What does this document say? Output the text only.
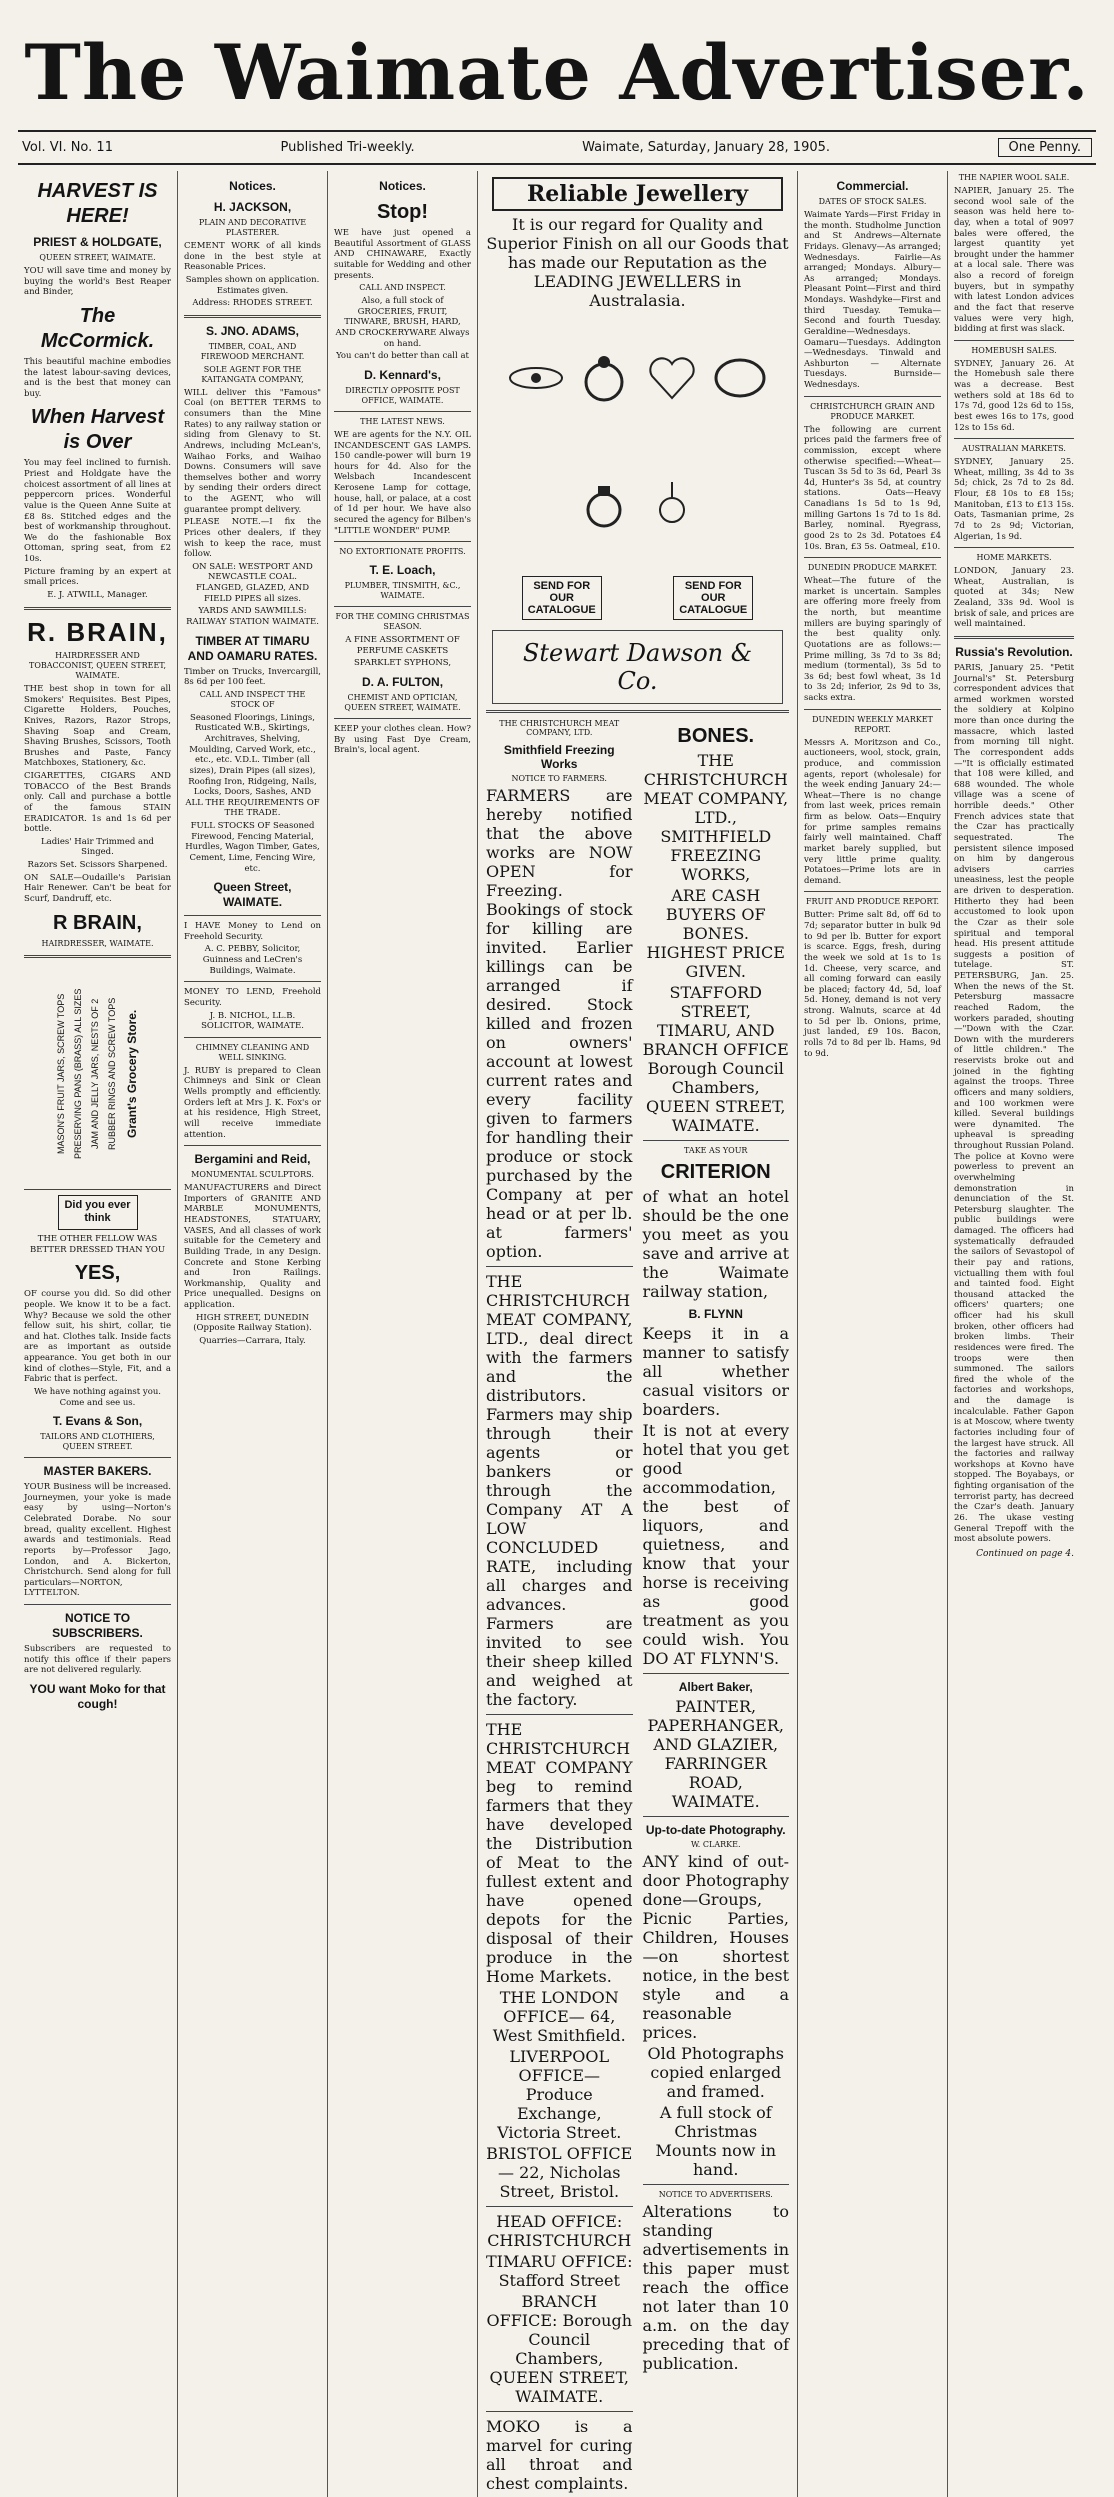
The Waimate Advertiser.
Vol. VI. No. 11	Published Tri-weekly.	Waimate, Saturday, January 28, 1905.	One Penny.
HARVEST IS HERE!
PRIEST & HOLDGATE,
QUEEN STREET, WAIMATE.

YOU will save time and money by buying the world's Best Reaper and Binder,

The McCormick.

This beautiful machine embodies the latest labour-saving devices, and is the best that money can buy.

When Harvest is Over

You may feel inclined to furnish. Priest and Holdgate have the choicest assortment of all lines at peppercorn prices. Wonderful value is the Queen Anne Suite at £8 8s. Stitched edges and the best of workmanship throughout. We do the fashionable Box Ottoman, spring seat, from £2 10s.

Picture framing by an expert at small prices.

E. J. ATWILL, Manager.

R. BRAIN,
HAIRDRESSER AND TOBACCONIST, QUEEN STREET, WAIMATE.

THE best shop in town for all Smokers' Requisites. Best Pipes, Cigarette Holders, Pouches, Knives, Razors, Razor Strops, Shaving Soap and Cream, Shaving Brushes, Scissors, Tooth Brushes and Paste, Fancy Matchboxes, Stationery, &c.

CIGARETTES, CIGARS AND TOBACCO of the Best Brands only. Call and purchase a bottle of the famous STAIN ERADICATOR. 1s and 1s 6d per bottle.

Ladies' Hair Trimmed and Singed.

Razors Set. Scissors Sharpened.

ON SALE—Oudaille's Parisian Hair Renewer. Can't be beat for Scurf, Dandruff, etc.

R BRAIN,
HAIRDRESSER, WAIMATE.
MASON'S FRUIT JARS, SCREW TOPS PRESERVING PANS (BRASS) ALL SIZES JAM AND JELLY JARS, NESTS OF 2 RUBBER RINGS AND SCREW TOPS Grant's Grocery Store.
Did you ever think

THE OTHER FELLOW WAS BETTER DRESSED THAN YOU

YES,

OF course you did. So did other people. We know it to be a fact. Why? Because we sold the other fellow suit, his shirt, collar, tie and hat. Clothes talk. Inside facts are as important as outside appearance. You get both in our kind of clothes—Style, Fit, and a Fabric that is perfect.

We have nothing against you. Come and see us.

T. Evans & Son,
TAILORS AND CLOTHIERS, QUEEN STREET.
MASTER BAKERS.

YOUR Business will be increased. Journeymen, your yoke is made easy by using—Norton's Celebrated Dorabe. No sour bread, quality excellent. Highest awards and testimonials. Read reports by—Professor Jago, London, and A. Bickerton, Christchurch. Send along for full particulars—NORTON, LYTTELTON.

NOTICE TO SUBSCRIBERS.

Subscribers are requested to notify this office if their papers are not delivered regularly.

YOU want Moko for that cough!

Notices.
H. JACKSON,
PLAIN AND DECORATIVE PLASTERER.

CEMENT WORK of all kinds done in the best style at Reasonable Prices.

Samples shown on application. Estimates given.

Address: RHODES STREET.

S. JNO. ADAMS,
TIMBER, COAL, AND FIREWOOD MERCHANT.
SOLE AGENT FOR THE KAITANGATA COMPANY,

WILL deliver this "Famous" Coal (on BETTER TERMS to consumers than the Mine Rates) to any railway station or siding from Glenavy to St. Andrews, including McLean's, Waihao Forks, and Waihao Downs. Consumers will save themselves bother and worry by sending their orders direct to the AGENT, who will guarantee prompt delivery.

PLEASE NOTE.—I fix the Prices other dealers, if they wish to keep the race, must follow.

ON SALE: WESTPORT AND NEWCASTLE COAL. FLANGED, GLAZED, AND FIELD PIPES all sizes.

YARDS AND SAWMILLS: RAILWAY STATION WAIMATE.

TIMBER AT TIMARU AND OAMARU RATES.

Timber on Trucks, Invercargill, 8s 6d per 100 feet.

CALL AND INSPECT THE STOCK OF

Seasoned Floorings, Linings, Rusticated W.B., Skirtings, Architraves, Shelving, Moulding, Carved Work, etc., etc., etc. V.D.L. Timber (all sizes), Drain Pipes (all sizes), Roofing Iron, Ridgeing, Nails, Locks, Doors, Sashes, AND ALL THE REQUIREMENTS OF THE TRADE.

FULL STOCKS OF Seasoned Firewood, Fencing Material, Hurdles, Wagon Timber, Gates, Cement, Lime, Fencing Wire, etc.

Queen Street, WAIMATE.

I HAVE Money to Lend on Freehold Security.

A. C. PEBBY, Solicitor, Guinness and LeCren's Buildings, Waimate.

MONEY TO LEND, Freehold Security.

J. B. NICHOL, LL.B. SOLICITOR, WAIMATE.

CHIMNEY CLEANING AND WELL SINKING.

J. RUBY is prepared to Clean Chimneys and Sink or Clean Wells promptly and efficiently. Orders left at Mrs J. K. Fox's or at his residence, High Street, will receive immediate attention.

Bergamini and Reid,
MONUMENTAL SCULPTORS.

MANUFACTURERS and Direct Importers of GRANITE AND MARBLE MONUMENTS, HEADSTONES, STATUARY, VASES, And all classes of work suitable for the Cemetery and Building Trade, in any Design. Concrete and Stone Kerbing and Iron Railings. Workmanship, Quality and Price unequalled. Designs on application.

HIGH STREET, DUNEDIN (Opposite Railway Station).

Quarries—Carrara, Italy.

Notices.
Stop!

WE have just opened a Beautiful Assortment of GLASS AND CHINAWARE, Exactly suitable for Wedding and other presents.

CALL AND INSPECT.

Also, a full stock of GROCERIES, FRUIT, TINWARE, BRUSH, HARD, AND CROCKERYWARE Always on hand.

You can't do better than call at

D. Kennard's,
DIRECTLY OPPOSITE POST OFFICE, WAIMATE.
THE LATEST NEWS.

WE are agents for the N.Y. OIL INCANDESCENT GAS LAMPS. 150 candle-power will burn 19 hours for 4d. Also for the Welsbach Incandescent Kerosene Lamp for cottage, house, hall, or palace, at a cost of 1d per hour. We have also secured the agency for Bilben's "LITTLE WONDER" PUMP.

NO EXTORTIONATE PROFITS.
T. E. Loach,
PLUMBER, TINSMITH, &C., WAIMATE.
FOR THE COMING CHRISTMAS SEASON.

A FINE ASSORTMENT OF PERFUME CASKETS

SPARKLET SYPHONS,

D. A. FULTON,
CHEMIST AND OPTICIAN, QUEEN STREET, WAIMATE.

KEEP your clothes clean. How? By using Fast Dye Cream, Brain's, local agent.

Reliable Jewellery

It is our regard for Quality and Superior Finish on all our Goods that has made our Reputation as the LEADING JEWELLERS in Australasia.

SEND FOR OUR CATALOGUE
SEND FOR OUR CATALOGUE
Stewart Dawson & Co.
THE CHRISTCHURCH MEAT COMPANY, LTD.
Smithfield Freezing Works
NOTICE TO FARMERS.

FARMERS are hereby notified that the above works are NOW OPEN for Freezing. Bookings of stock for killing are invited. Earlier killings can be arranged if desired. Stock killed and frozen on owners' account at lowest current rates and every facility given to farmers for handling their produce or stock purchased by the Company at per head or at per lb. at farmers' option.

THE CHRISTCHURCH MEAT COMPANY, LTD., deal direct with the farmers and the distributors. Farmers may ship through their agents or bankers or through the Company AT A LOW CONCLUDED RATE, including all charges and advances. Farmers are invited to see their sheep killed and weighed at the factory.

THE CHRISTCHURCH MEAT COMPANY beg to remind farmers that they have developed the Distribution of Meat to the fullest extent and have opened depots for the disposal of their produce in the Home Markets.

THE LONDON OFFICE— 64, West Smithfield.

LIVERPOOL OFFICE— Produce Exchange, Victoria Street.

BRISTOL OFFICE— 22, Nicholas Street, Bristol.

HEAD OFFICE: CHRISTCHURCH

TIMARU OFFICE: Stafford Street

BRANCH OFFICE: Borough Council Chambers, QUEEN STREET, WAIMATE.

MOKO is a marvel for curing all throat and chest complaints.

BONES.

THE CHRISTCHURCH MEAT COMPANY, LTD., SMITHFIELD FREEZING WORKS,

ARE CASH BUYERS OF BONES. HIGHEST PRICE GIVEN.

STAFFORD STREET, TIMARU, AND BRANCH OFFICE Borough Council Chambers, QUEEN STREET, WAIMATE.

TAKE AS YOUR
CRITERION

of what an hotel should be the one you meet as you save and arrive at the Waimate railway station,

B. FLYNN

Keeps it in a manner to satisfy all whether casual visitors or boarders.

It is not at every hotel that you get good accommodation, the best of liquors, and quietness, and know that your horse is receiving as good treatment as you could wish. You DO AT FLYNN'S.

Albert Baker,

PAINTER, PAPERHANGER, AND GLAZIER, FARRINGER ROAD, WAIMATE.

Up-to-date Photography.
W. CLARKE.

ANY kind of out-door Photography done—Groups, Picnic Parties, Children, Houses—on shortest notice, in the best style and a reasonable prices.

Old Photographs copied enlarged and framed.

A full stock of Christmas Mounts now in hand.

NOTICE TO ADVERTISERS.

Alterations to standing advertisements in this paper must reach the office not later than 10 a.m. on the day preceding that of publication.

Commercial.
DATES OF STOCK SALES.

Waimate Yards—First Friday in the month. Studholme Junction and St Andrews—Alternate Fridays. Glenavy—As arranged; Wednesdays. Fairlie—As arranged; Mondays. Albury—As arranged; Mondays. Pleasant Point—First and third Mondays. Washdyke—First and third Tuesday. Temuka—Second and fourth Tuesday. Geraldine—Wednesdays. Oamaru—Tuesdays. Addington—Wednesdays. Tinwald and Ashburton — Alternate Tuesdays. Burnside—Wednesdays.

CHRISTCHURCH GRAIN AND PRODUCE MARKET.

The following are current prices paid the farmers free of commission, except where otherwise specified:—Wheat—Tuscan 3s 5d to 3s 6d, Pearl 3s 4d, Hunter's 3s 5d, at country stations. Oats—Heavy Canadians 1s 5d to 1s 9d, milling Gartons 1s 7d to 1s 8d. Barley, nominal. Ryegrass, good 2s to 2s 3d. Potatoes £4 10s. Bran, £3 5s. Oatmeal, £10.

DUNEDIN PRODUCE MARKET.

Wheat—The future of the market is uncertain. Samples are offering more freely from the north, but meantime millers are buying sparingly of the best quality only. Quotations are as follows:—Prime milling, 3s 7d to 3s 8d; medium (tormental), 3s 5d to 3s 6d; best fowl wheat, 3s 1d to 3s 2d; inferior, 2s 9d to 3s, sacks extra.

DUNEDIN WEEKLY MARKET REPORT.

Messrs A. Moritzson and Co., auctioneers, wool, stock, grain, produce, and commission agents, report (wholesale) for the week ending January 24:—Wheat—There is no change from last week, prices remain firm as below. Oats—Enquiry for prime samples remains fairly well maintained. Chaff market barely supplied, but very little prime quality. Potatoes—Prime lots are in demand.

FRUIT AND PRODUCE REPORT.

Butter: Prime salt 8d, off 6d to 7d; separator butter in bulk 9d to 9d per lb. Butter for export is scarce. Eggs, fresh, during the week we sold at 1s to 1s 1d. Cheese, very scarce, and all coming forward can easily be placed; factory 4d, 5d, loaf 5d. Honey, demand is not very strong. Walnuts, scarce at 4d to 5d per lb. Onions, prime, just landed, £9 10s. Bacon, rolls 7d to 8d per lb. Hams, 9d to 9d.

THE NAPIER WOOL SALE.

NAPIER, January 25. The second wool sale of the season was held here to-day, when a total of 9097 bales were offered, the largest quantity yet brought under the hammer at a local sale. There was also a record of foreign buyers, but in sympathy with latest London advices and the fact that reserve values were very high, bidding at first was slack.

HOMEBUSH SALES.

SYDNEY, January 26. At the Homebush sale there was a decrease. Best wethers sold at 18s 6d to 17s 7d, good 12s 6d to 15s, best ewes 16s to 17s, good 12s to 15s 6d.

AUSTRALIAN MARKETS.

SYDNEY, January 25. Wheat, milling, 3s 4d to 3s 5d; chick, 2s 7d to 2s 8d. Flour, £8 10s to £8 15s; Manitoban, £13 to £13 15s. Oats, Tasmanian prime, 2s 7d to 2s 9d; Victorian, Algerian, 1s 9d.

HOME MARKETS.

LONDON, January 23. Wheat, Australian, is quoted at 34s; New Zealand, 33s 9d. Wool is brisk of sale, and prices are well maintained.

Russia's Revolution.

PARIS, January 25. "Petit Journal's" St. Petersburg correspondent advices that armed workmen worsted the soldiery at Kolpino more than once during the massacre, which lasted from morning till night. The correspondent adds—"It is officially estimated that 108 were killed, and 688 wounded. The whole village was a scene of horrible deeds." Other French advices state that the Czar has practically sequestrated. The persistent silence imposed on him by dangerous advisers carries uneasiness, lest the people are driven to desperation. Hitherto they had been accustomed to look upon the Czar as their sole spiritual and temporal head. His present attitude suggests a position of tutelage. ST. PETERSBURG, Jan. 25. When the news of the St. Petersburg massacre reached Radom, the workers paraded, shouting—"Down with the Czar. Down with the murderers of little children." The reservists broke out and joined in the fighting against the troops. Three officers and many soldiers, and 100 workmen were killed. Several buildings were dynamited. The upheaval is spreading throughout Russian Poland. The police at Kovno were powerless to prevent an overwhelming demonstration in denunciation of the St. Petersburg slaughter. The public buildings were damaged. The officers had systematically defrauded the sailors of Sevastopol of their pay and rations, victualling them with foul and tainted food. Eight thousand attacked the officers' quarters; one officer had his skull broken, other officers had broken limbs. Their residences were fired. The troops were then summoned. The sailors fired the whole of the factories and workshops, and the damage is incalculable. Father Gapon is at Moscow, where twenty factories including four of the largest have struck. All the factories and railway workshops at Kovno have stopped. The Boyabays, or fighting organisation of the terrorist party, has decreed the Czar's death. January 26. The ukase vesting General Trepoff with the most absolute powers.

Continued on page 4.
